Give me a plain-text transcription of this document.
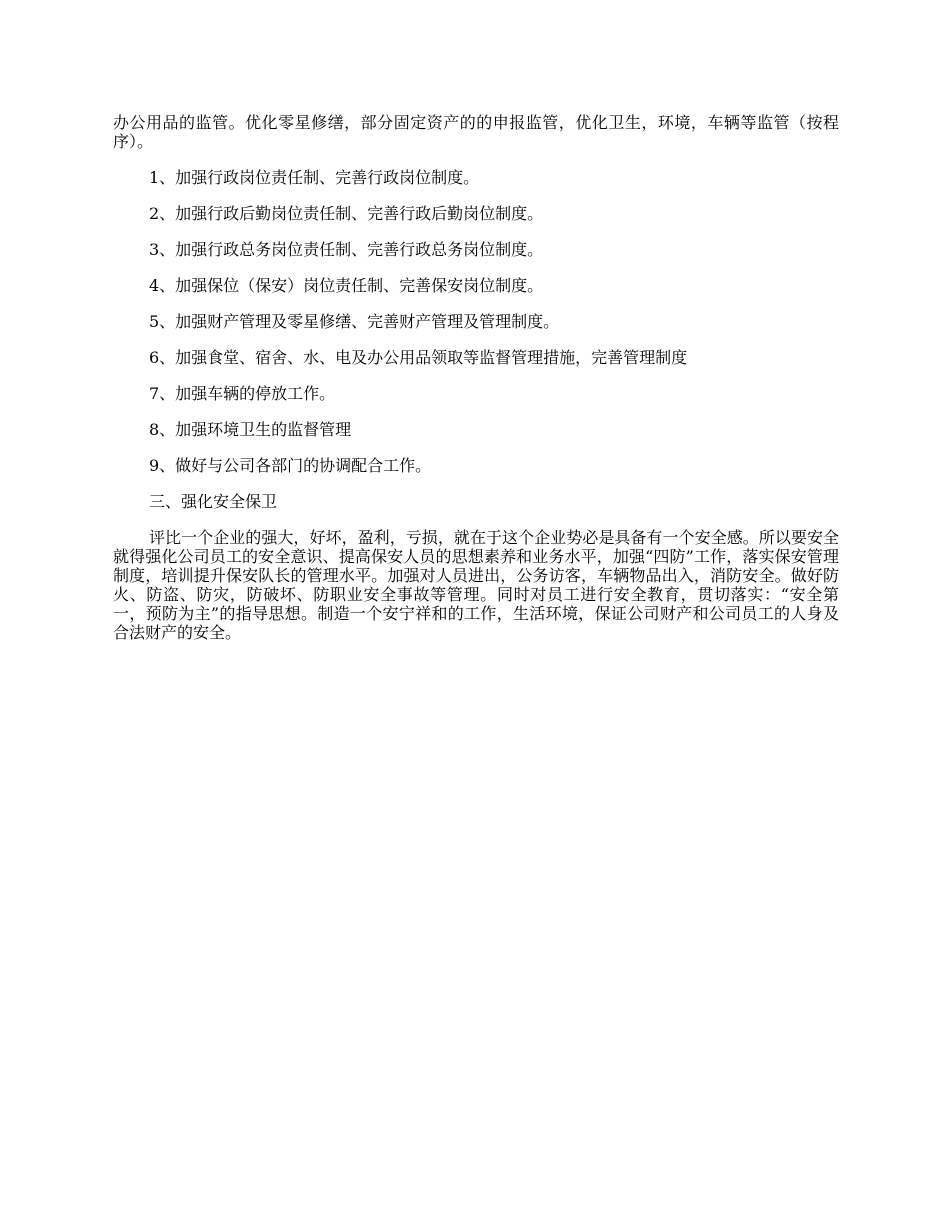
办公用品的监管。优化零星修缮，部分固定资产的的申报监管，优化卫生，环境，车辆等监管（按程序）。

1、加强行政岗位责任制、完善行政岗位制度。

2、加强行政后勤岗位责任制、完善行政后勤岗位制度。

3、加强行政总务岗位责任制、完善行政总务岗位制度。

4、加强保位（保安）岗位责任制、完善保安岗位制度。

5、加强财产管理及零星修缮、完善财产管理及管理制度。

6、加强食堂、宿舍、水、电及办公用品领取等监督管理措施，完善管理制度

7、加强车辆的停放工作。

8、加强环境卫生的监督管理

9、做好与公司各部门的协调配合工作。

三、强化安全保卫

评比一个企业的强大，好坏，盈利，亏损，就在于这个企业势必是具备有一个安全感。所以要安全就得强化公司员工的安全意识、提高保安人员的思想素养和业务水平，加强“四防”工作，落实保安管理制度，培训提升保安队长的管理水平。加强对人员进出，公务访客，车辆物品出入，消防安全。做好防火、防盗、防灾，防破坏、防职业安全事故等管理。同时对员工进行安全教育，贯切落实：“安全第一，预防为主”的指导思想。制造一个安宁祥和的工作，生活环境，保证公司财产和公司员工的人身及合法财产的安全。
